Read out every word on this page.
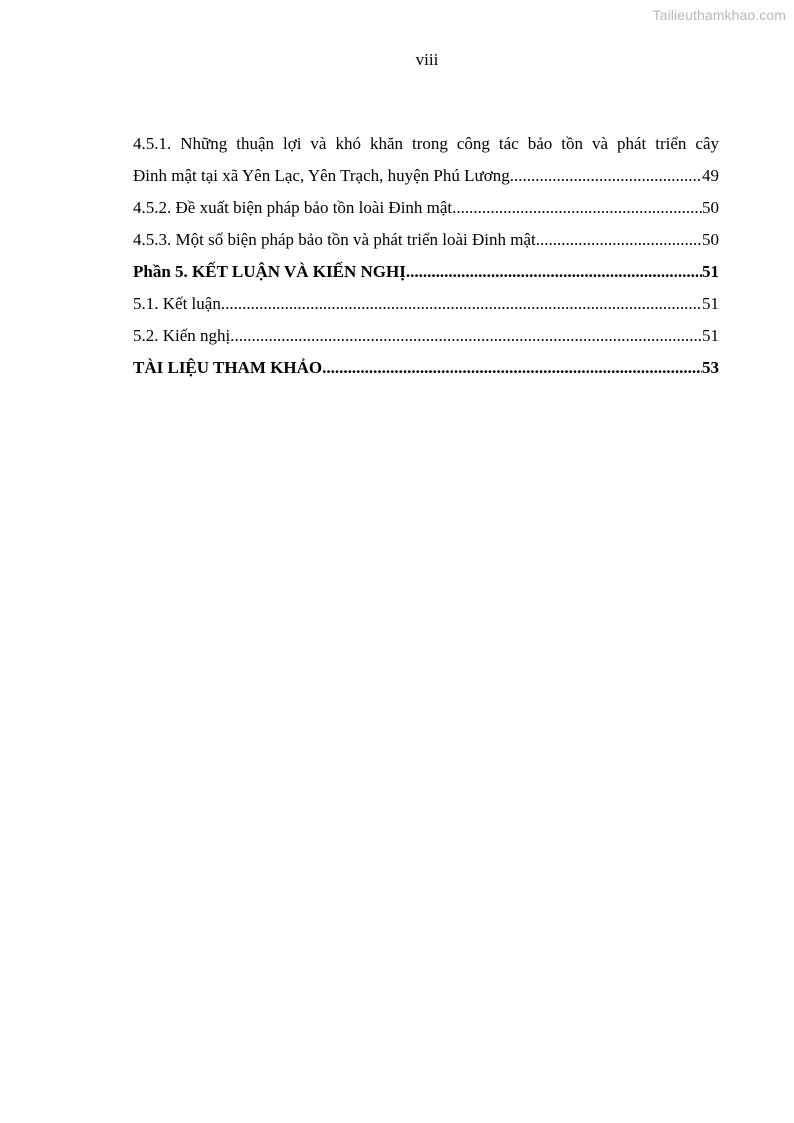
Tailieuthamkhao.com
viii
4.5.1. Những thuận lợi và khó khăn trong công tác bảo tồn và phát triển cây
Đinh mật tại xã Yên Lạc, Yên Trạch, huyện Phú Lương .....	49
4.5.2. Đề xuất biện pháp bảo tồn loài Đinh mật .....	50
4.5.3. Một số biện pháp bảo tồn và phát triển loài Đinh mật .....	50
Phần 5. KẾT LUẬN VÀ KIẾN NGHỊ .....	51
5.1. Kết luận .....	51
5.2. Kiến nghị .....	51
TÀI LIỆU THAM KHẢO .....	53
